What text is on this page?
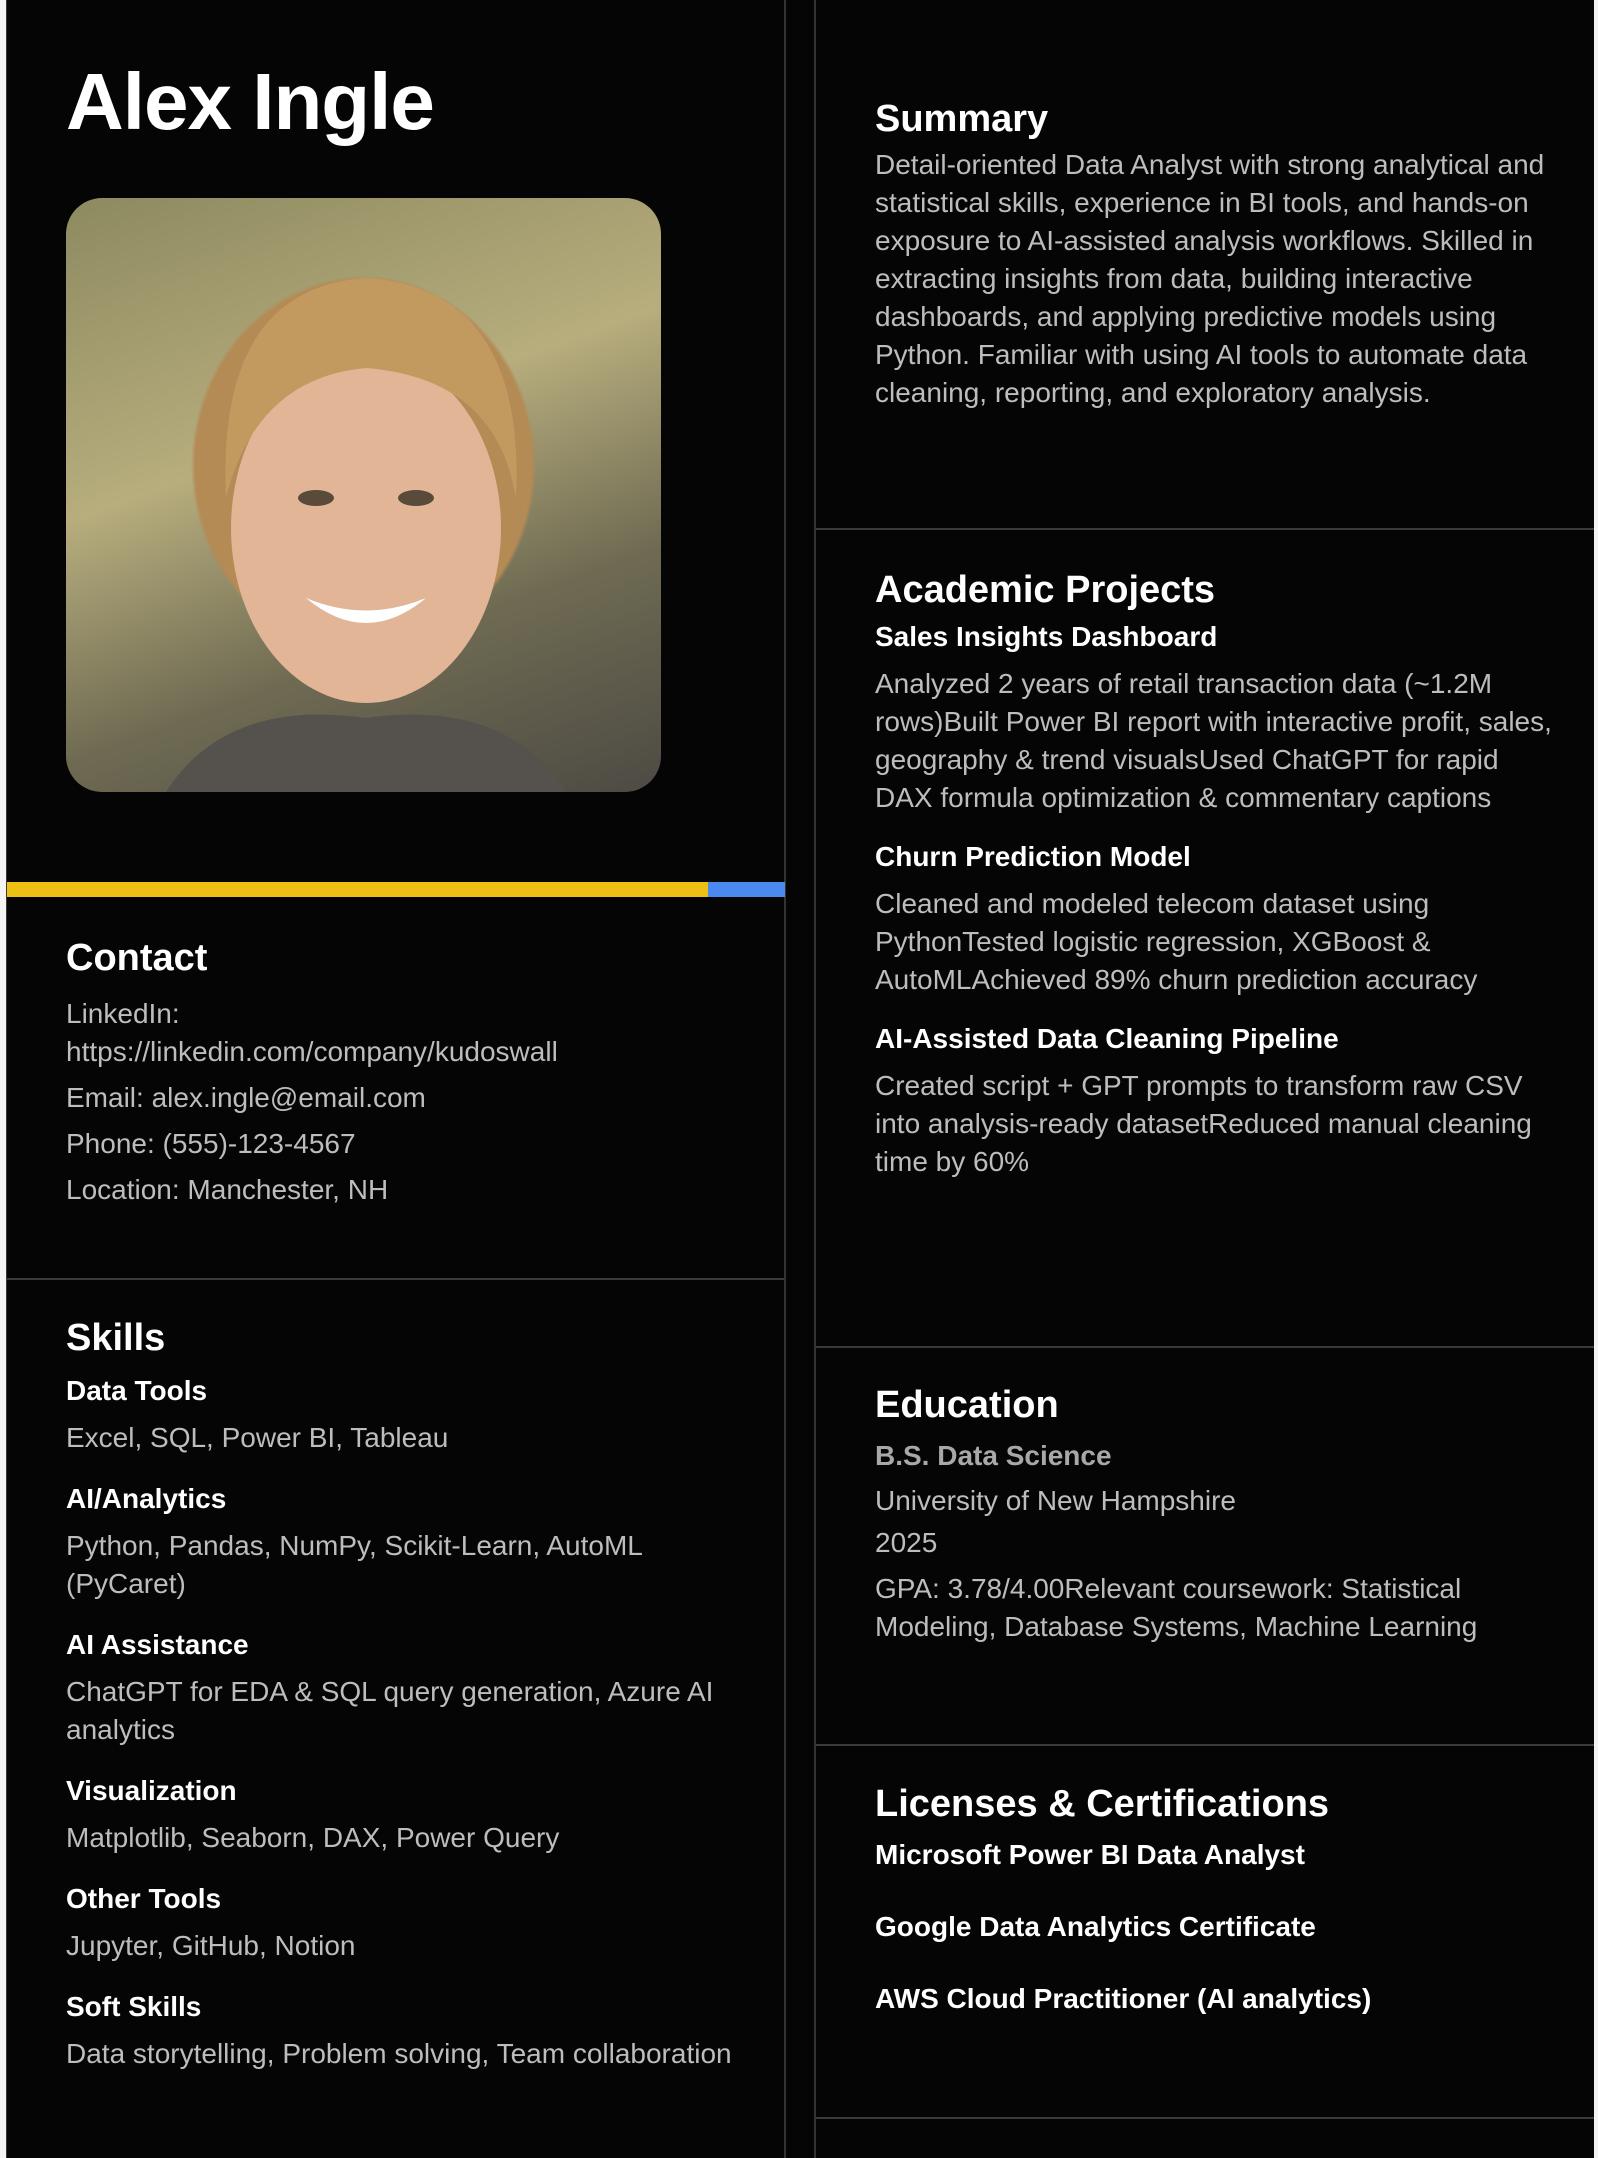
Alex Ingle
Contact

LinkedIn:

https://linkedin.com/company/kudoswall

Email: alex.ingle@email.com

Phone: (555)-123-4567

Location: Manchester, NH

Skills
Data Tools

Excel, SQL, Power BI, Tableau

AI/Analytics

Python, Pandas, NumPy, Scikit-Learn, AutoML (PyCaret)

AI Assistance

ChatGPT for EDA & SQL query generation, Azure AI analytics

Visualization

Matplotlib, Seaborn, DAX, Power Query

Other Tools

Jupyter, GitHub, Notion

Soft Skills

Data storytelling, Problem solving, Team collaboration

Summary

Detail-oriented Data Analyst with strong analytical and statistical skills, experience in BI tools, and hands-on exposure to AI-assisted analysis workflows. Skilled in extracting insights from data, building interactive dashboards, and applying predictive models using Python. Familiar with using AI tools to automate data cleaning, reporting, and exploratory analysis.

Academic Projects
Sales Insights Dashboard

Analyzed 2 years of retail transaction data (~1.2M rows)Built Power BI report with interactive profit, sales, geography & trend visualsUsed ChatGPT for rapid DAX formula optimization & commentary captions

Churn Prediction Model

Cleaned and modeled telecom dataset using PythonTested logistic regression, XGBoost & AutoMLAchieved 89% churn prediction accuracy

AI-Assisted Data Cleaning Pipeline

Created script + GPT prompts to transform raw CSV into analysis-ready datasetReduced manual cleaning time by 60%

Education
B.S. Data Science

University of New Hampshire

2025

GPA: 3.78/4.00Relevant coursework: Statistical Modeling, Database Systems, Machine Learning

Licenses & Certifications
Microsoft Power BI Data Analyst
Google Data Analytics Certificate
AWS Cloud Practitioner (AI analytics)
